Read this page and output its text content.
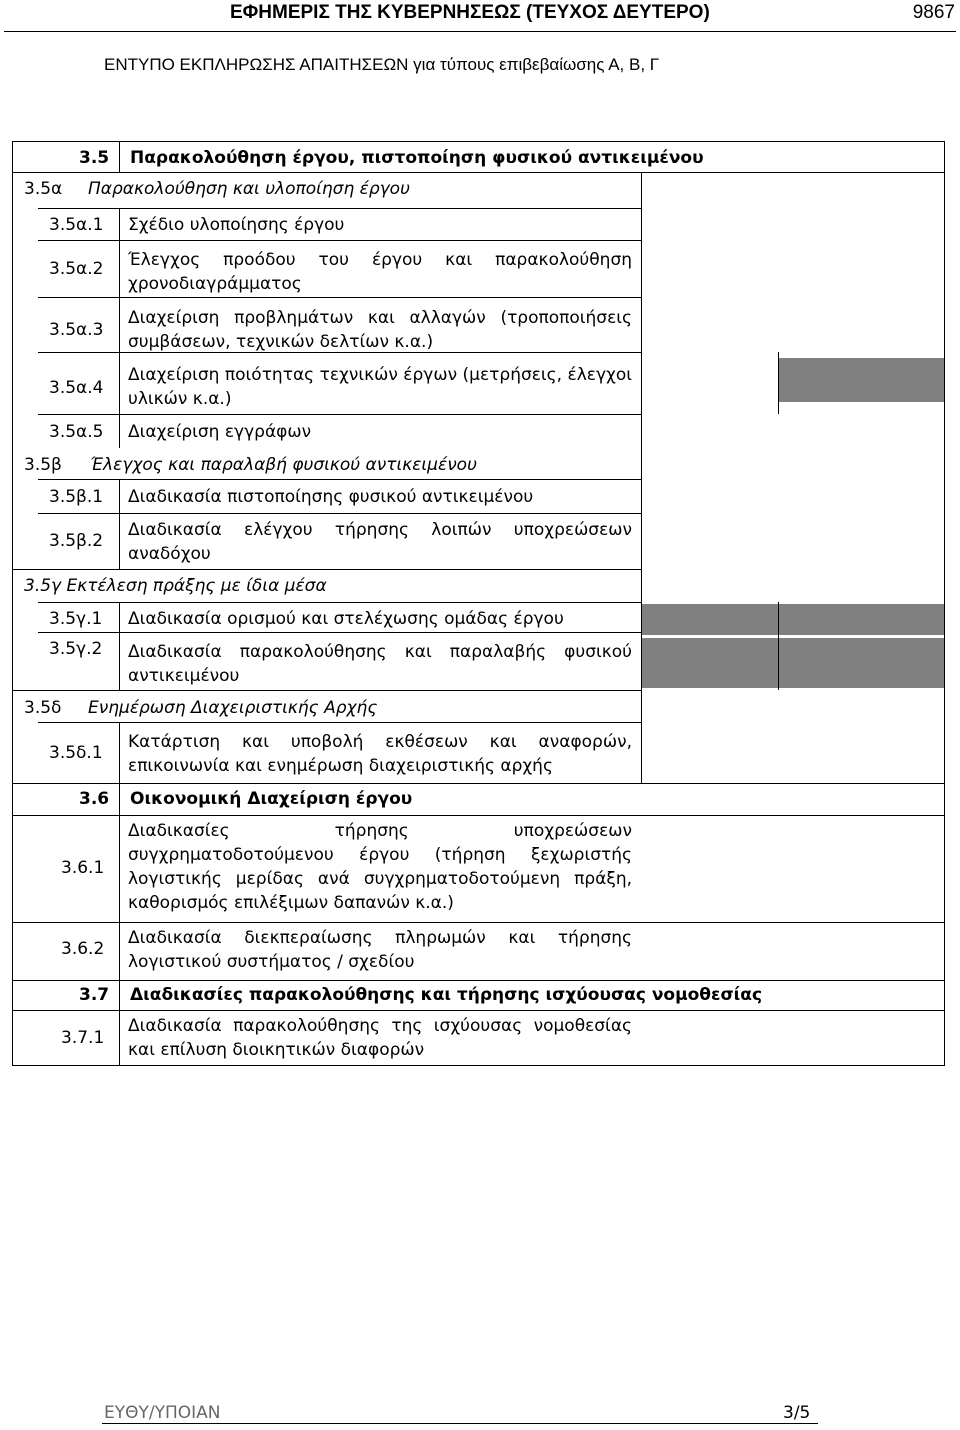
ΕΦΗΜΕΡΙΣ ΤΗΣ ΚΥΒΕΡΝΗΣΕΩΣ (ΤΕΥΧΟΣ ΔΕΥΤΕΡΟ)	9867
ΕΝΤΥΠΟ ΕΚΠΛΗΡΩΣΗΣ ΑΠΑΙΤΗΣΕΩΝ για τύπους επιβεβαίωσης Α, Β, Γ
3.5 Παρακολούθηση έργου, πιστοποίηση φυσικού αντικειμένου
3.5α Παρακολούθηση και υλοποίηση έργου
3.5α.1 Σχέδιο υλοποίησης έργου
3.5α.2 Έλεγχος προόδου του έργου και παρακολούθηση χρονοδιαγράμματος
3.5α.3
Διαχείριση προβλημάτων και αλλαγών (τροποποιήσεις συμβάσεων, τεχνικών δελτίων κ.α.)
3.5α.4
Διαχείριση ποιότητας τεχνικών έργων (μετρήσεις, έλεγχοι υλικών κ.α.)
3.5α.5 Διαχείριση εγγράφων
3.5β Έλεγχος και παραλαβή φυσικού αντικειμένου
3.5β.1 Διαδικασία πιστοποίησης φυσικού αντικειμένου
3.5β.2
Διαδικασία ελέγχου τήρησης λοιπών υποχρεώσεων αναδόχου
3.5γ Εκτέλεση πράξης με ίδια μέσα
3.5γ.1 Διαδικασία ορισμού και στελέχωσης ομάδας έργου
3.5γ.2 Διαδικασία παρακολούθησης και παραλαβής φυσικού αντικειμένου
3.5δ Ενημέρωση Διαχειριστικής Αρχής
3.5δ.1
Κατάρτιση και υποβολή εκθέσεων και αναφορών, επικοινωνία και ενημέρωση διαχειριστικής αρχής
3.6 Οικονομική Διαχείριση έργου
3.6.1
Διαδικασίες τήρησης υποχρεώσεων συγχρηματοδοτούμενου έργου (τήρηση ξεχωριστής λογιστικής μερίδας ανά συγχρηματοδοτούμενη πράξη, καθορισμός επιλέξιμων δαπανών κ.α.)
3.6.2
Διαδικασία διεκπεραίωσης πληρωμών και τήρησης λογιστικού συστήματος / σχεδίου
3.7 Διαδικασίες παρακολούθησης και τήρησης ισχύουσας νομοθεσίας
3.7.1
Διαδικασία παρακολούθησης της ισχύουσας νομοθεσίας και επίλυση διοικητικών διαφορών
ΕΥΘΥ/ΥΠΟΙΑΝ	3/5
